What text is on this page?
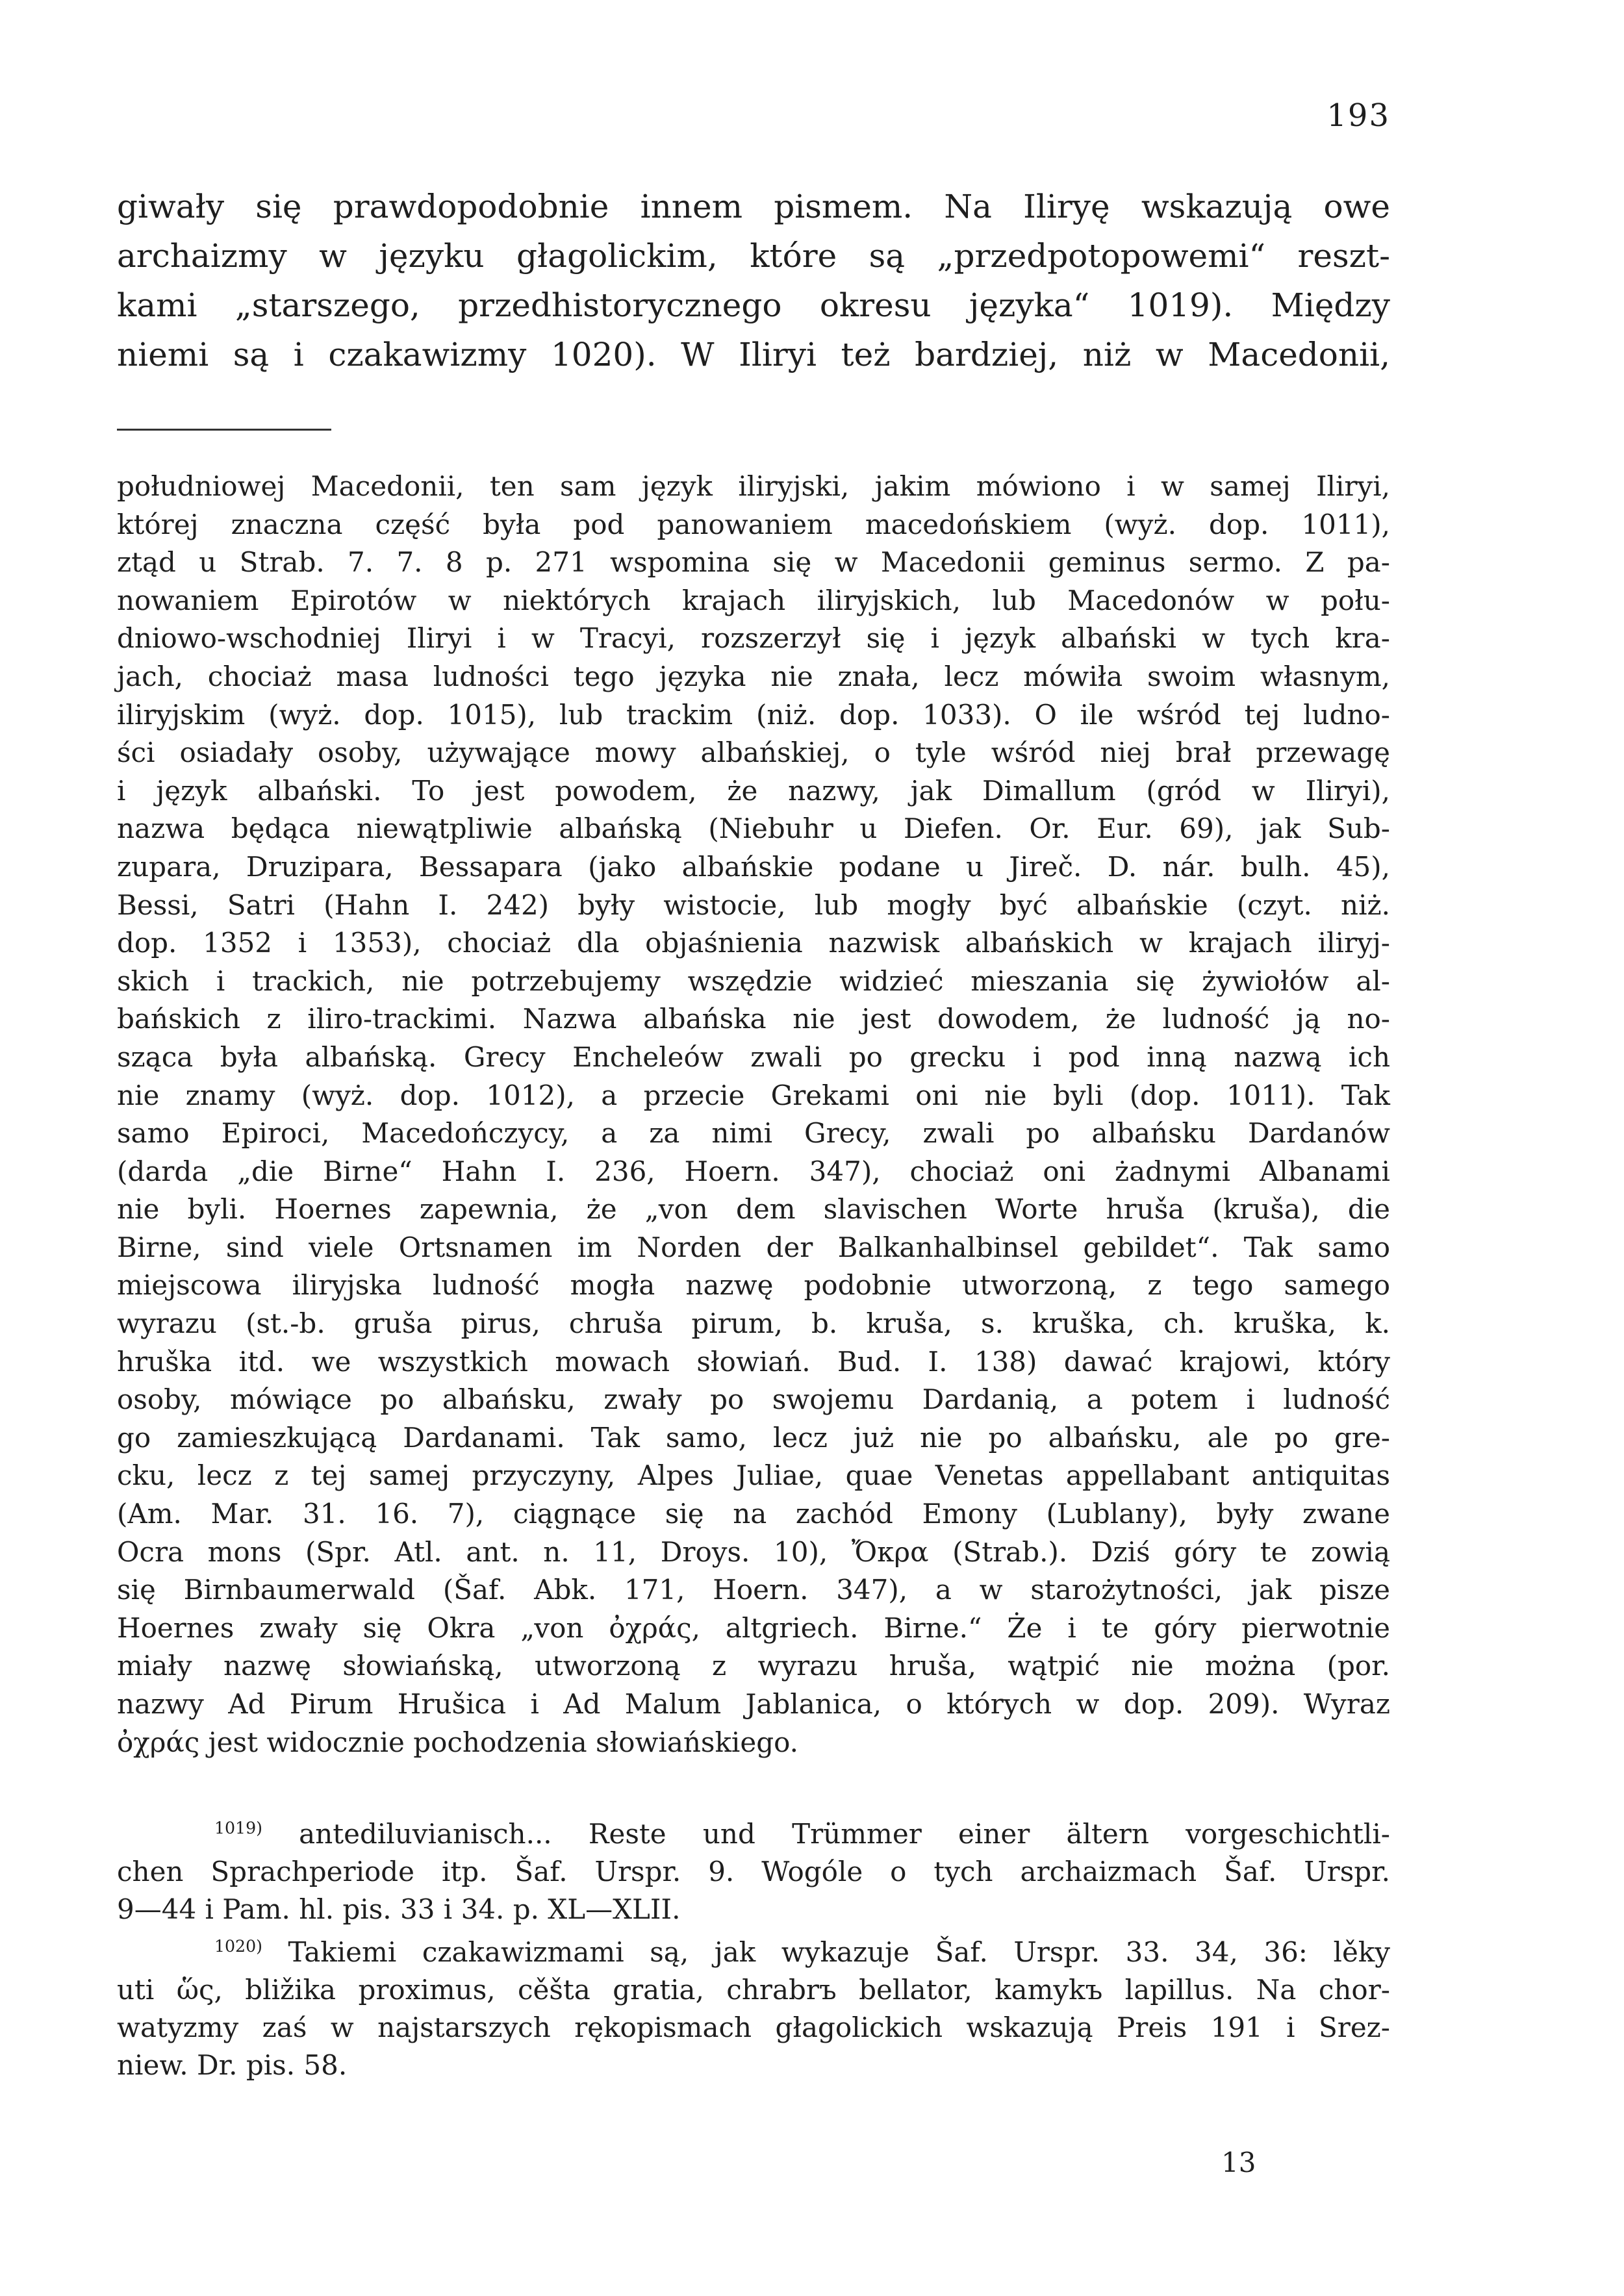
193
giwały się prawdopodobnie innem pismem. Na Iliryę wskazują owe
archaizmy w języku głagolickim, które są „przedpotopowemi“ reszt-
kami „starszego, przedhistorycznego okresu języka“ 1019). Między
niemi są i czakawizmy 1020). W Iliryi też bardziej, niż w Macedonii,
południowej Macedonii, ten sam język iliryjski, jakim mówiono i w samej Iliryi,
której znaczna część była pod panowaniem macedońskiem (wyż. dop. 1011),
ztąd u Strab. 7. 7. 8 p. 271 wspomina się w Macedonii geminus sermo. Z pa-
nowaniem Epirotów w niektórych krajach iliryjskich, lub Macedonów w połu-
dniowo-wschodniej Iliryi i w Tracyi, rozszerzył się i język albański w tych kra-
jach, chociaż masa ludności tego języka nie znała, lecz mówiła swoim własnym,
iliryjskim (wyż. dop. 1015), lub trackim (niż. dop. 1033). O ile wśród tej ludno-
ści osiadały osoby, używające mowy albańskiej, o tyle wśród niej brał przewagę
i język albański. To jest powodem, że nazwy, jak Dimallum (gród w Iliryi),
nazwa będąca niewątpliwie albańską (Niebuhr u Diefen. Or. Eur. 69), jak Sub-
zupara, Druzipara, Bessapara (jako albańskie podane u Jireč. D. nár. bulh. 45),
Bessi, Satri (Hahn I. 242) były wistocie, lub mogły być albańskie (czyt. niż.
dop. 1352 i 1353), chociaż dla objaśnienia nazwisk albańskich w krajach iliryj-
skich i trackich, nie potrzebujemy wszędzie widzieć mieszania się żywiołów al-
bańskich z iliro-trackimi. Nazwa albańska nie jest dowodem, że ludność ją no-
sząca była albańską. Grecy Encheleów zwali po grecku i pod inną nazwą ich
nie znamy (wyż. dop. 1012), a przecie Grekami oni nie byli (dop. 1011). Tak
samo Epiroci, Macedończycy, a za nimi Grecy, zwali po albańsku Dardanów
(darda „die Birne“ Hahn I. 236, Hoern. 347), chociaż oni żadnymi Albanami
nie byli. Hoernes zapewnia, że „von dem slavischen Worte hruša (kruša), die
Birne, sind viele Ortsnamen im Norden der Balkanhalbinsel gebildet“. Tak samo
miejscowa iliryjska ludność mogła nazwę podobnie utworzoną, z tego samego
wyrazu (st.-b. gruša pirus, chruša pirum, b. kruša, s. kruška, ch. kruška, k.
hruška itd. we wszystkich mowach słowiań. Bud. I. 138) dawać krajowi, który
osoby, mówiące po albańsku, zwały po swojemu Dardanią, a potem i ludność
go zamieszkującą Dardanami. Tak samo, lecz już nie po albańsku, ale po gre-
cku, lecz z tej samej przyczyny, Alpes Juliae, quae Venetas appellabant antiquitas
(Am. Mar. 31. 16. 7), ciągnące się na zachód Emony (Lublany), były zwane
Ocra mons (Spr. Atl. ant. n. 11, Droys. 10), Ὄκρα (Strab.). Dziś góry te zowią
się Birnbaumerwald (Šaf. Abk. 171, Hoern. 347), a w starożytności, jak pisze
Hoernes zwały się Okra „von ὀχράς, altgriech. Birne.“ Że i te góry pierwotnie
miały nazwę słowiańską, utworzoną z wyrazu hruša, wątpić nie można (por.
nazwy Ad Pirum Hrušica i Ad Malum Jablanica, o których w dop. 209). Wyraz
ὀχράς jest widocznie pochodzenia słowiańskiego.
$^{1019)}$ antediluvianisch... Reste und Trümmer einer ältern vorgeschichtli-
chen Sprachperiode itp. Šaf. Urspr. 9. Wogóle o tych archaizmach Šaf. Urspr.
9—44 i Pam. hl. pis. 33 i 34. p. XL—XLII.
$^{1020)}$ Takiemi czakawizmami są, jak wykazuje Šaf. Urspr. 33. 34, 36: lěky
uti ὥς, bližika proximus, cěšta gratia, chrabrъ bellator, kamykъ lapillus. Na chor-
watyzmy zaś w najstarszych rękopismach głagolickich wskazują Preis 191 i Srez-
niew. Dr. pis. 58.
13
